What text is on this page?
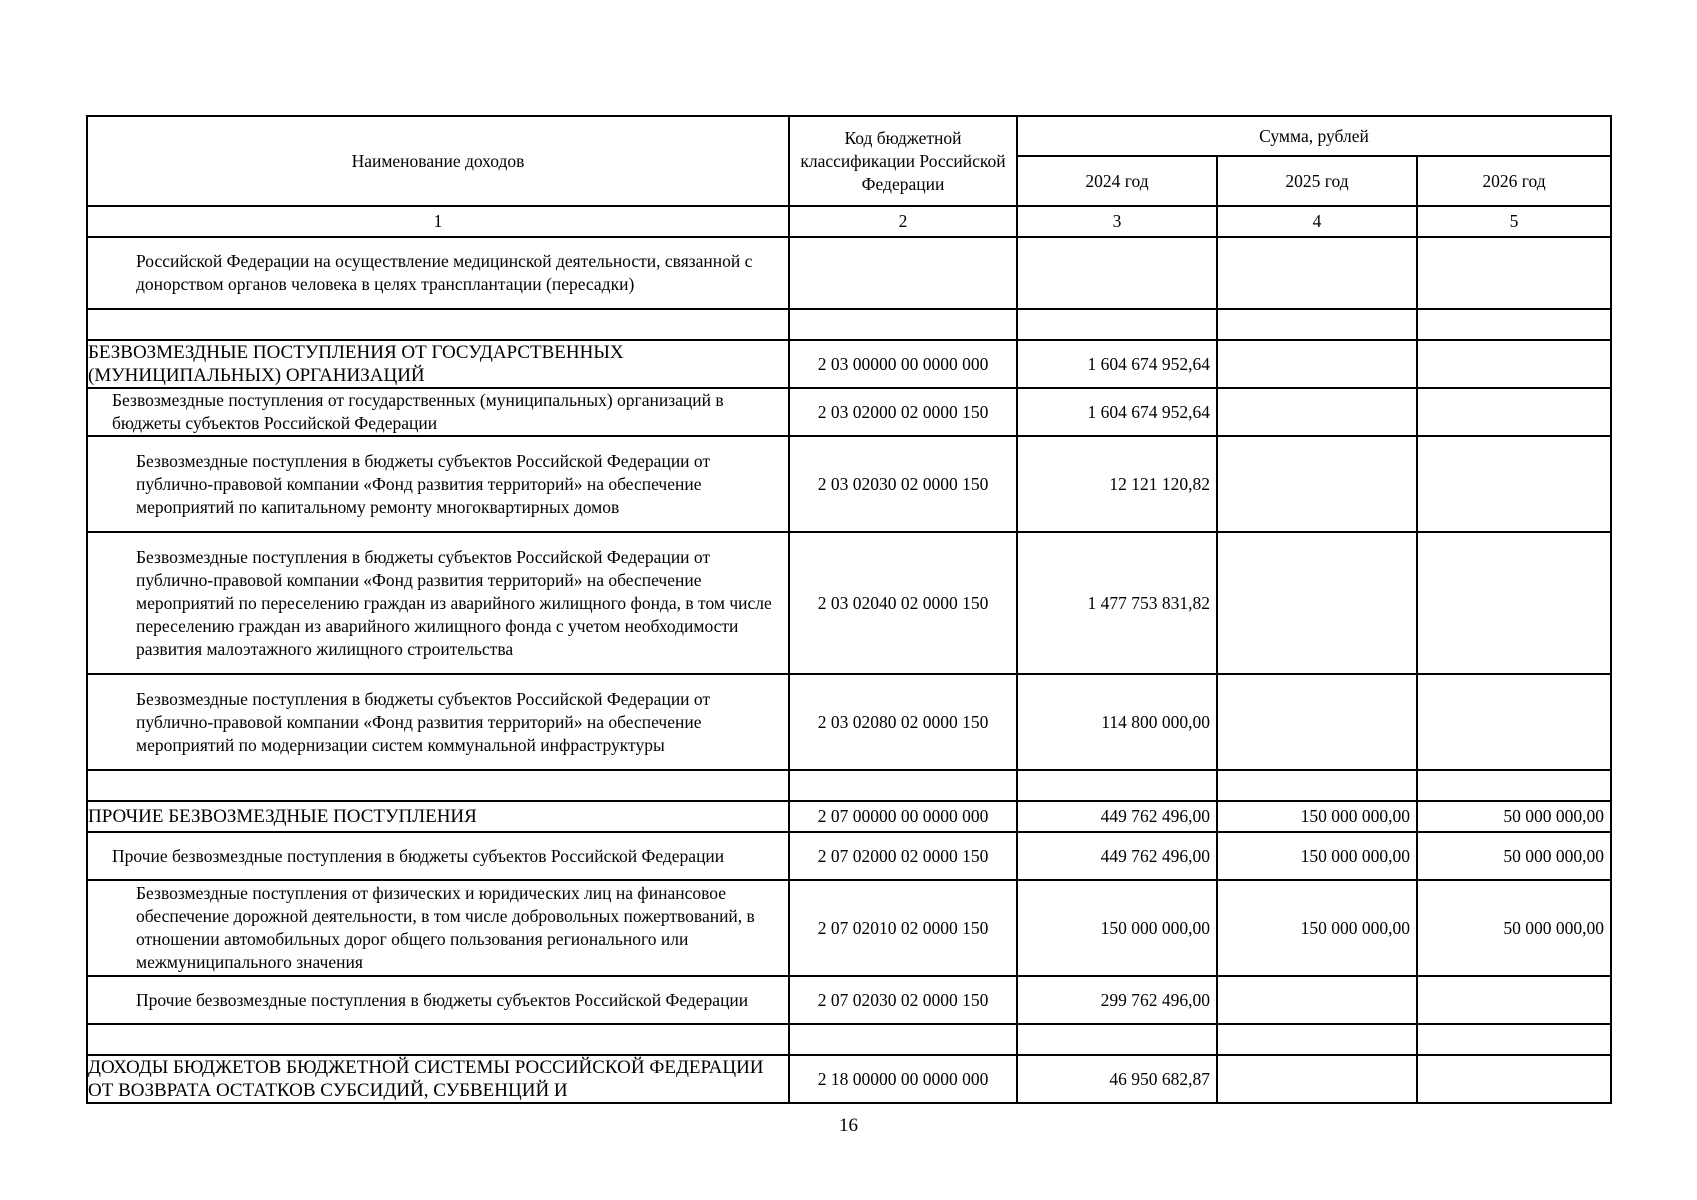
Наименование доходов	Код бюджетной классификации Российской Федерации	Сумма, рублей		
		2024 год	2025 год	2026 год
1	2	3	4	5
Российской Федерации на осуществление медицинской деятельности, связанной с донорством органов человека в целях трансплантации (пересадки)				

БЕЗВОЗМЕЗДНЫЕ ПОСТУПЛЕНИЯ ОТ ГОСУДАРСТВЕННЫХ (МУНИЦИПАЛЬНЫХ) ОРГАНИЗАЦИЙ	2 03 00000 00 0000 000	1 604 674 952,64		
Безвозмездные поступления от государственных (муниципальных) организаций в бюджеты субъектов Российской Федерации	2 03 02000 02 0000 150	1 604 674 952,64		
Безвозмездные поступления в бюджеты субъектов Российской Федерации от публично-правовой компании «Фонд развития территорий» на обеспечение мероприятий по капитальному ремонту многоквартирных домов	2 03 02030 02 0000 150	12 121 120,82		
Безвозмездные поступления в бюджеты субъектов Российской Федерации от публично-правовой компании «Фонд развития территорий» на обеспечение мероприятий по переселению граждан из аварийного жилищного фонда, в том числе переселению граждан из аварийного жилищного фонда с учетом необходимости развития малоэтажного жилищного строительства	2 03 02040 02 0000 150	1 477 753 831,82		
Безвозмездные поступления в бюджеты субъектов Российской Федерации от публично-правовой компании «Фонд развития территорий» на обеспечение мероприятий по модернизации систем коммунальной инфраструктуры	2 03 02080 02 0000 150	114 800 000,00		

ПРОЧИЕ БЕЗВОЗМЕЗДНЫЕ ПОСТУПЛЕНИЯ	2 07 00000 00 0000 000	449 762 496,00	150 000 000,00	50 000 000,00
Прочие безвозмездные поступления в бюджеты субъектов Российской Федерации	2 07 02000 02 0000 150	449 762 496,00	150 000 000,00	50 000 000,00
Безвозмездные поступления от физических и юридических лиц на финансовое обеспечение дорожной деятельности, в том числе добровольных пожертвований, в отношении автомобильных дорог общего пользования регионального или межмуниципального значения	2 07 02010 02 0000 150	150 000 000,00	150 000 000,00	50 000 000,00
Прочие безвозмездные поступления в бюджеты субъектов Российской Федерации	2 07 02030 02 0000 150	299 762 496,00		

ДОХОДЫ БЮДЖЕТОВ БЮДЖЕТНОЙ СИСТЕМЫ РОССИЙСКОЙ ФЕДЕРАЦИИ ОТ ВОЗВРАТА ОСТАТКОВ СУБСИДИЙ, СУБВЕНЦИЙ И	2 18 00000 00 0000 000	46 950 682,87		
16
